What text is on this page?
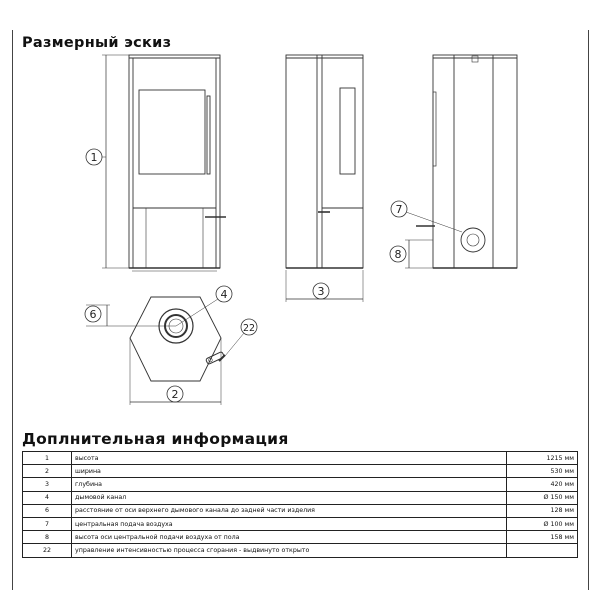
Размерный эскиз
1
2
3
4
6
7
8
22
Доплнительная информация
1	высота	1215 мм
2	ширина	530 мм
3	глубина	420 мм
4	дымовой канал	Ø 150 мм
6	расстояние от оси верхнего дымового канала до задней части изделия	128 мм
7	центральная подача воздуха	Ø 100 мм
8	высота оси центральной подачи воздуха от пола	158 мм
22	управление интенсивностью процесса сгорания - выдвинуто открыто	
